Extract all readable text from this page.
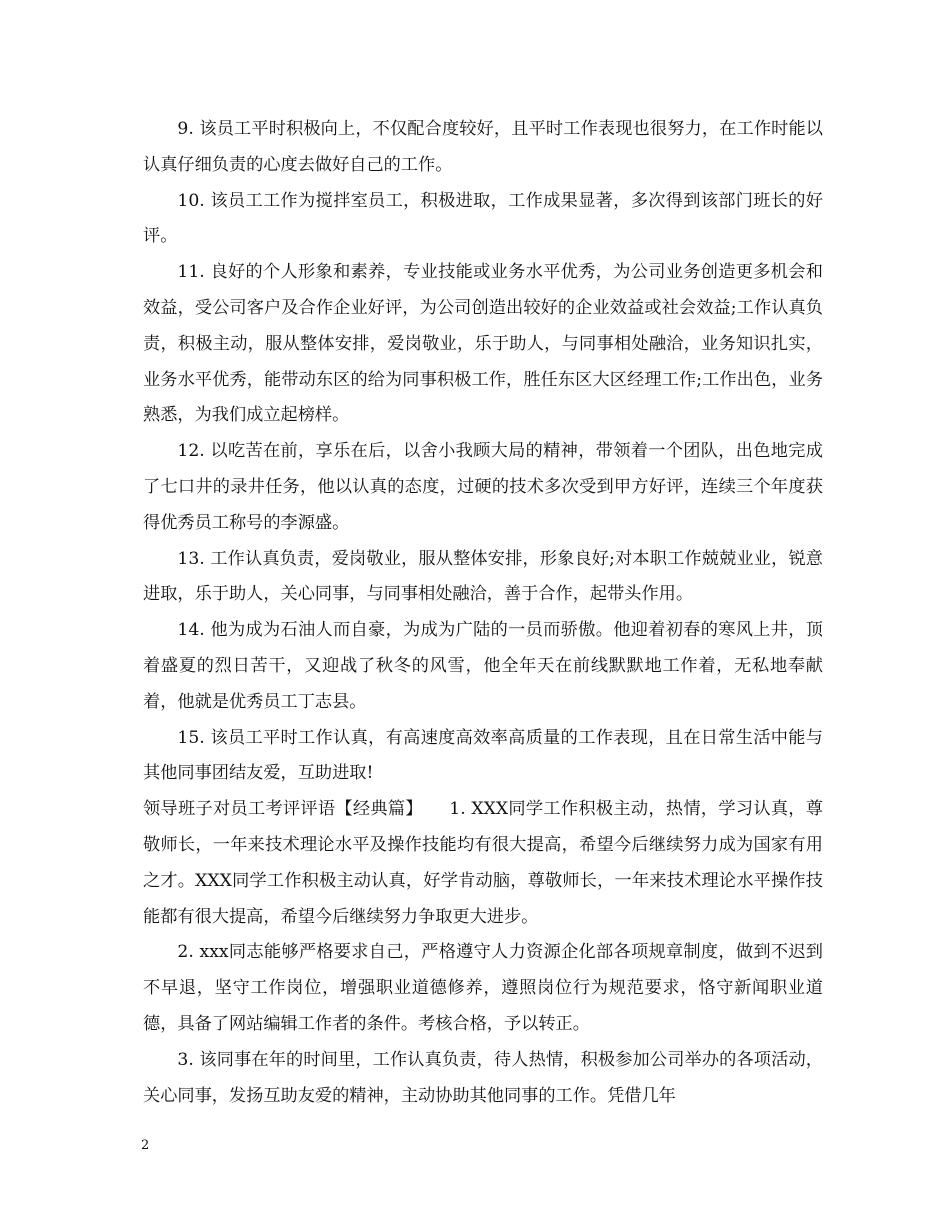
9. 该员工平时积极向上，不仅配合度较好，且平时工作表现也很努力，在工作时能以认真仔细负责的心度去做好自己的工作。

10. 该员工工作为搅拌室员工，积极进取，工作成果显著，多次得到该部门班长的好评。

11. 良好的个人形象和素养，专业技能或业务水平优秀，为公司业务创造更多机会和效益，受公司客户及合作企业好评，为公司创造出较好的企业效益或社会效益;工作认真负责，积极主动，服从整体安排，爱岗敬业，乐于助人，与同事相处融洽，业务知识扎实，业务水平优秀，能带动东区的给为同事积极工作，胜任东区大区经理工作;工作出色，业务熟悉，为我们成立起榜样。

12. 以吃苦在前，享乐在后，以舍小我顾大局的精神，带领着一个团队，出色地完成了七口井的录井任务，他以认真的态度，过硬的技术多次受到甲方好评，连续三个年度获得优秀员工称号的李源盛。

13. 工作认真负责，爱岗敬业，服从整体安排，形象良好;对本职工作兢兢业业，锐意进取，乐于助人，关心同事，与同事相处融洽，善于合作，起带头作用。

14. 他为成为石油人而自豪，为成为广陆的一员而骄傲。他迎着初春的寒风上井，顶着盛夏的烈日苦干，又迎战了秋冬的风雪，他全年天在前线默默地工作着，无私地奉献着，他就是优秀员工丁志县。

15. 该员工平时工作认真，有高速度高效率高质量的工作表现，且在日常生活中能与其他同事团结友爱，互助进取!

领导班子对员工考评评语【经典篇】　　1. XXX同学工作积极主动，热情，学习认真，尊敬师长，一年来技术理论水平及操作技能均有很大提高，希望今后继续努力成为国家有用之才。XXX同学工作积极主动认真，好学肯动脑，尊敬师长，一年来技术理论水平操作技能都有很大提高，希望今后继续努力争取更大进步。

2. xxx同志能够严格要求自己，严格遵守人力资源企化部各项规章制度，做到不迟到不早退，坚守工作岗位，增强职业道德修养，遵照岗位行为规范要求，恪守新闻职业道德，具备了网站编辑工作者的条件。考核合格，予以转正。

3. 该同事在年的时间里，工作认真负责，待人热情，积极参加公司举办的各项活动，关心同事，发扬互助友爱的精神，主动协助其他同事的工作。凭借几年

2
